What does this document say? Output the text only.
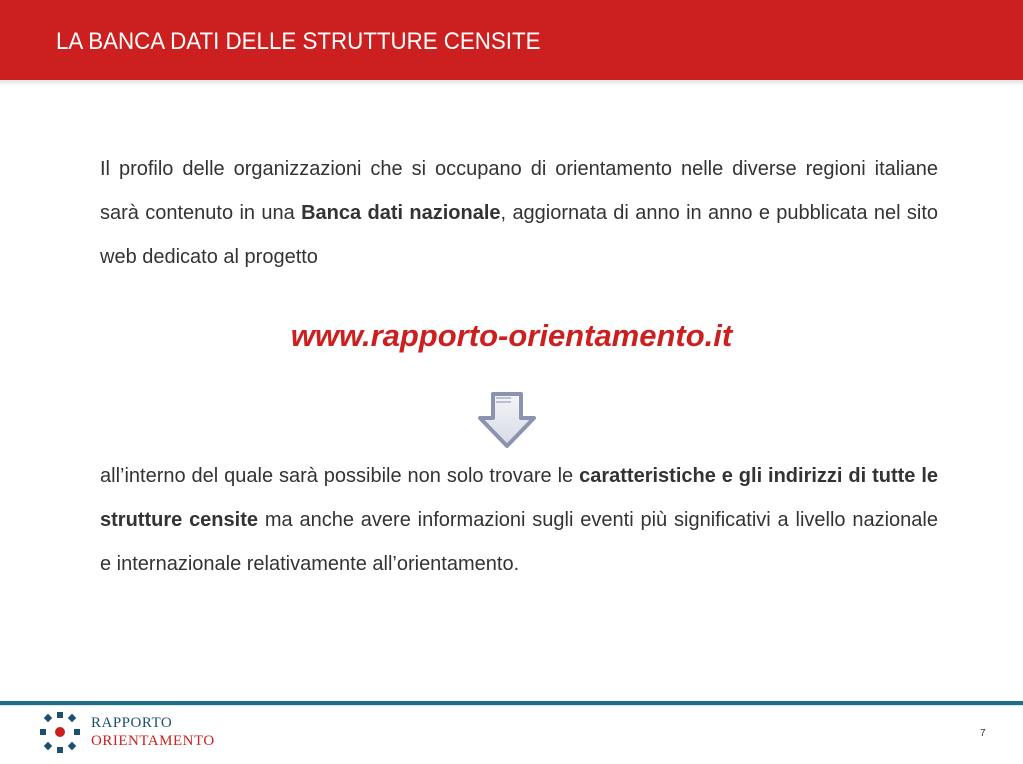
LA BANCA DATI DELLE STRUTTURE CENSITE

Il profilo delle organizzazioni che si occupano di orientamento nelle diverse regioni italiane sarà contenuto in una Banca dati nazionale, aggiornata di anno in anno e pubblicata nel sito web dedicato al progetto

www.rapporto-orientamento.it

all’interno del quale sarà possibile non solo trovare le caratteristiche e gli indirizzi di tutte le strutture censite ma anche avere informazioni sugli eventi più significativi a livello nazionale e internazionale relativamente all’orientamento.

RAPPORTO
ORIENTAMENTO	7
